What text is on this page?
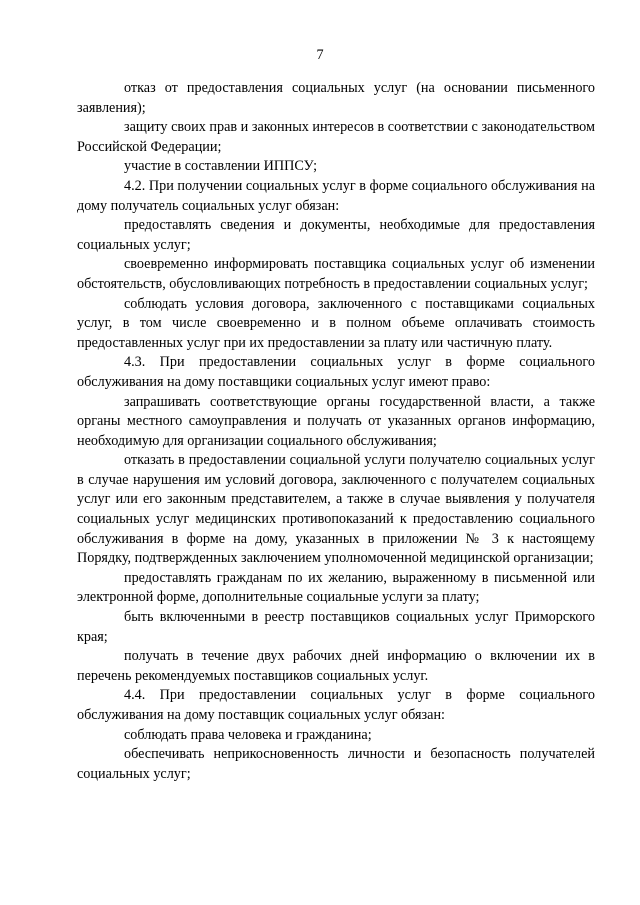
7

отказ от предоставления социальных услуг (на основании письменного заявления);

защиту своих прав и законных интересов в соответствии с законодательством Российской Федерации;

участие в составлении ИППСУ;

4.2. При получении социальных услуг в форме социального обслуживания на дому получатель социальных услуг обязан:

предоставлять сведения и документы, необходимые для предоставления социальных услуг;

своевременно информировать поставщика социальных услуг об изменении обстоятельств, обусловливающих потребность в предоставлении социальных услуг;

соблюдать условия договора, заключенного с поставщиками социальных услуг, в том числе своевременно и в полном объеме оплачивать стоимость предоставленных услуг при их предоставлении за плату или частичную плату.

4.3. При предоставлении социальных услуг в форме социального обслуживания на дому поставщики социальных услуг имеют право:

запрашивать соответствующие органы государственной власти, а также органы местного самоуправления и получать от указанных органов информацию, необходимую для организации социального обслуживания;

отказать в предоставлении социальной услуги получателю социальных услуг в случае нарушения им условий договора, заключенного с получателем социальных услуг или его законным представителем, а также в случае выявления у получателя социальных услуг медицинских противопоказаний к предоставлению социального обслуживания в форме на дому, указанных в приложении № 3 к настоящему Порядку, подтвержденных заключением уполномоченной медицинской организации;

предоставлять гражданам по их желанию, выраженному в письменной или электронной форме, дополнительные социальные услуги за плату;

быть включенными в реестр поставщиков социальных услуг Приморского края;

получать в течение двух рабочих дней информацию о включении их в перечень рекомендуемых поставщиков социальных услуг.

4.4. При предоставлении социальных услуг в форме социального обслуживания на дому поставщик социальных услуг обязан:

соблюдать права человека и гражданина;

обеспечивать неприкосновенность личности и безопасность получателей социальных услуг;
